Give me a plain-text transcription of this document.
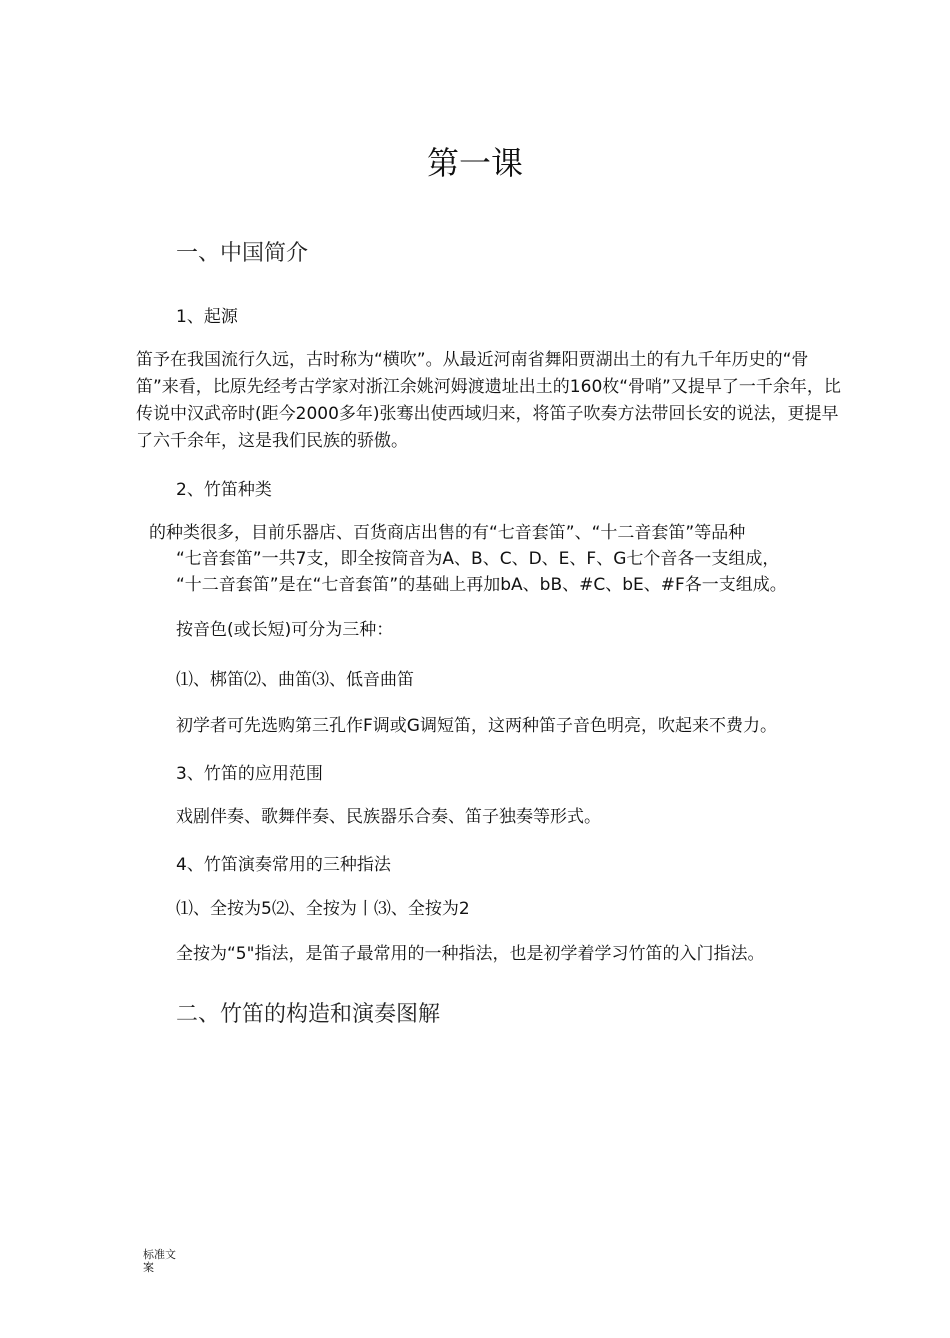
第一课
一、中国简介
1、起源

笛予在我国流行久远，古时称为“横吹”。从最近河南省舞阳贾湖出土的有九千年历史的“骨笛”来看，比原先经考古学家对浙江余姚河姆渡遗址出土的160枚“骨哨”又提早了一千余年，比传说中汉武帝时(距今2000多年)张骞出使西域归来，将笛子吹奏方法带回长安的说法，更提早了六千余年，这是我们民族的骄傲。

2、竹笛种类

的种类很多，目前乐器店、百货商店出售的有“七音套笛”、“十二音套笛”等品种

“七音套笛”一共7支，即全按筒音为A、B、C、D、E、F、G七个音各一支组成，

“十二音套笛”是在“七音套笛”的基础上再加bA、bB、#C、bE、#F各一支组成。

按音色(或长短)可分为三种：

⑴、梆笛⑵、曲笛⑶、低音曲笛

初学者可先选购第三孔作F调或G调短笛，这两种笛子音色明亮，吹起来不费力。

3、竹笛的应用范围

戏剧伴奏、歌舞伴奏、民族器乐合奏、笛子独奏等形式。

4、竹笛演奏常用的三种指法

⑴、全按为5⑵、全按为丨⑶、全按为2

全按为“5"指法，是笛子最常用的一种指法，也是初学着学习竹笛的入门指法。

二、竹笛的构造和演奏图解
标准文
案
